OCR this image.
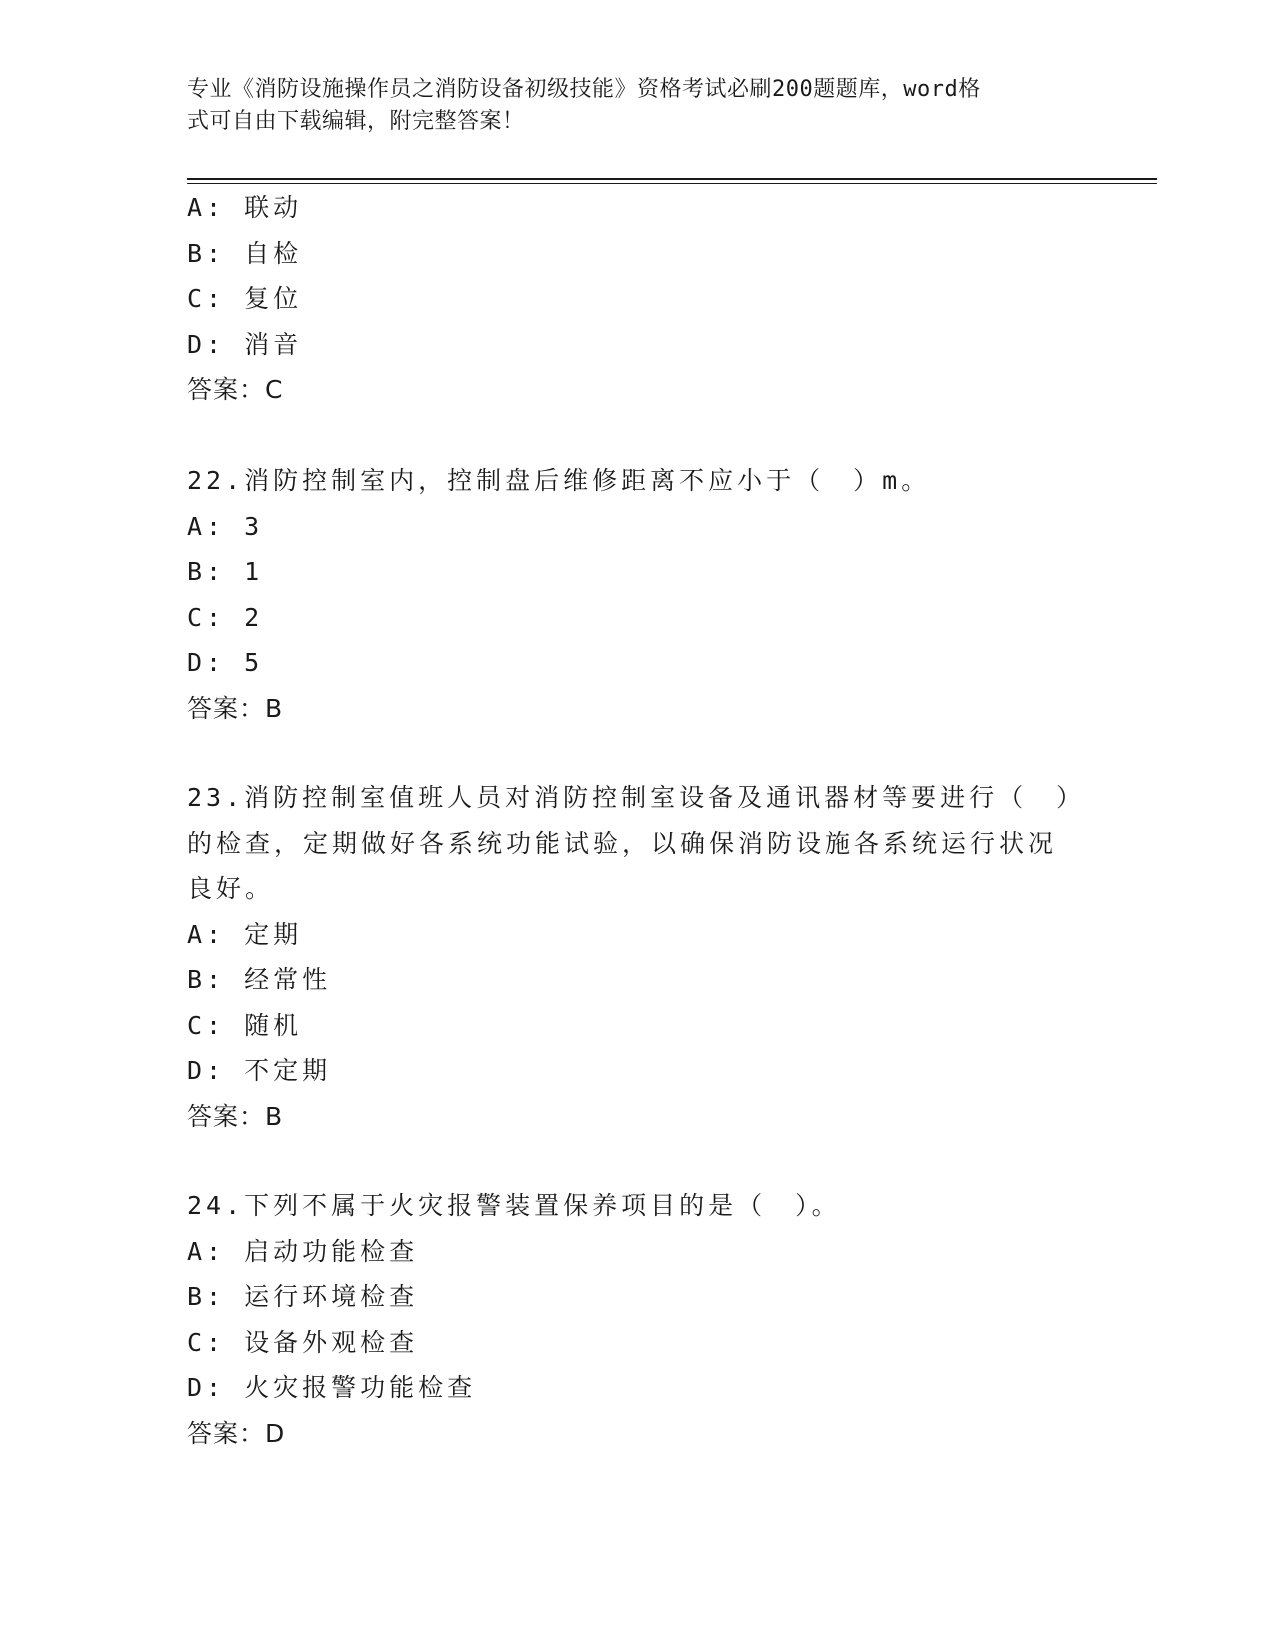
专业《消防设施操作员之消防设备初级技能》资格考试必刷200题题库，word格
式可自由下载编辑，附完整答案！
A: 联动
B: 自检
C: 复位
D: 消音
答案：C
22.消防控制室内，控制盘后维修距离不应小于（　）m。
A: 3
B: 1
C: 2
D: 5
答案：B
23.消防控制室值班人员对消防控制室设备及通讯器材等要进行（　）
的检查，定期做好各系统功能试验，以确保消防设施各系统运行状况
良好。
A: 定期
B: 经常性
C: 随机
D: 不定期
答案：B
24.下列不属于火灾报警装置保养项目的是（　）。
A: 启动功能检查
B: 运行环境检查
C: 设备外观检查
D: 火灾报警功能检查
答案：D
